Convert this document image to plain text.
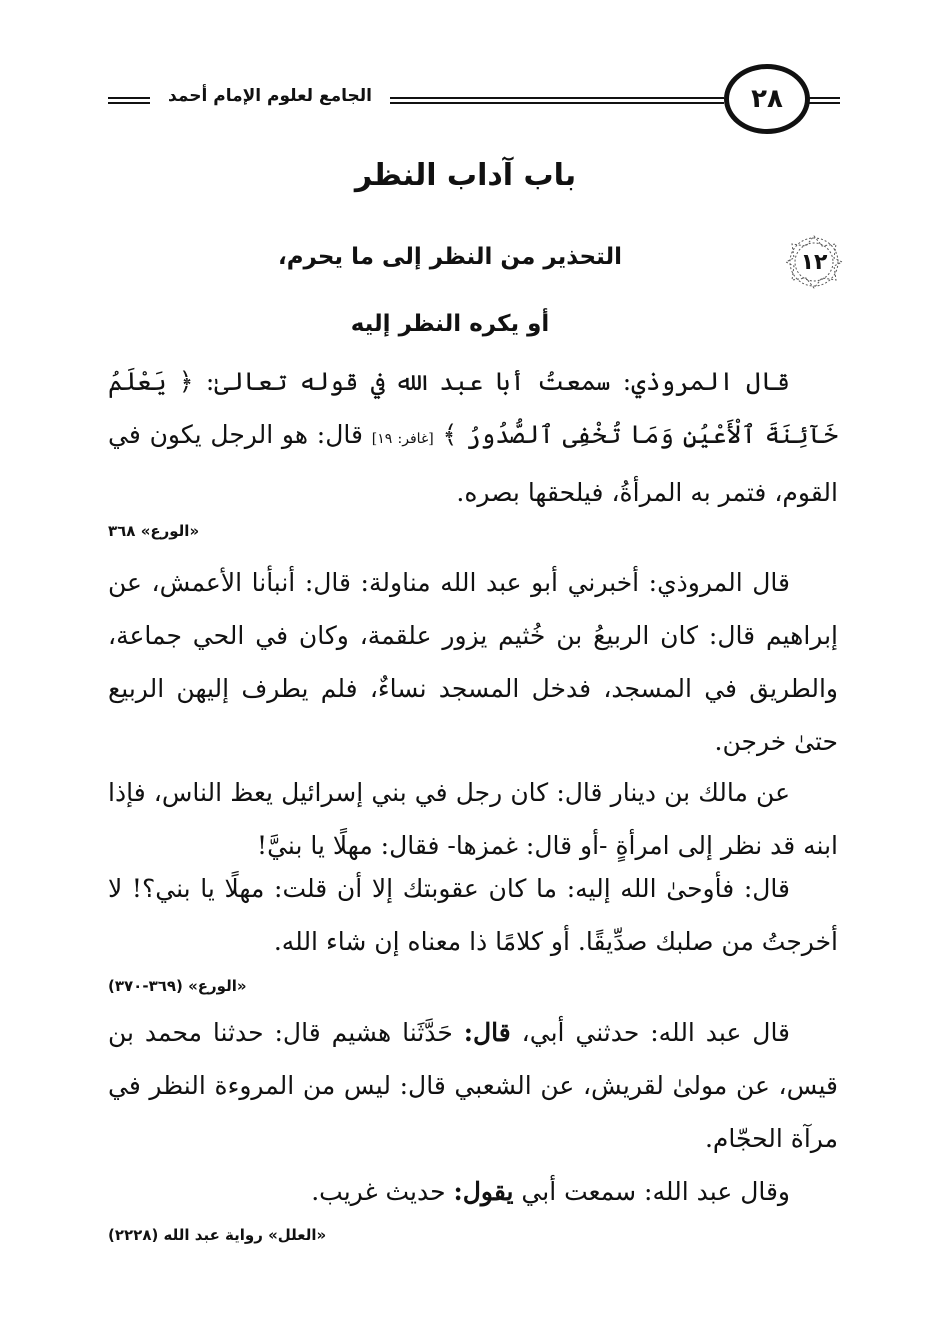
الجامع لعلوم الإمام أحمد	٢٨
باب آداب النظر
١٢
التحذير من النظر إلى ما يحرم،
أو يكره النظر إليه
قال المروذي: سمعتُ أبا عبد الله في قوله تعالىٰ: ﴿ يَعْلَمُ خَآئِنَةَ ٱلْأَعْيُنِ وَمَا تُخْفِى ٱلصُّدُورُ ﴾ [غافر: ١٩] قال: هو الرجل يكون في القوم، فتمر به المرأةُ، فيلحقها بصره.
«الورع» ٣٦٨
قال المروذي: أخبرني أبو عبد الله مناولة: قال: أنبأنا الأعمش، عن إبراهيم قال: كان الربيعُ بن خُثيم يزور علقمة، وكان في الحي جماعة، والطريق في المسجد، فدخل المسجد نساءٌ، فلم يطرف إليهن الربيع حتىٰ خرجن.
عن مالك بن دينار قال: كان رجل في بني إسرائيل يعظ الناس، فإذا ابنه قد نظر إلى امرأةٍ -أو قال: غمزها- فقال: مهلًا يا بنيَّ!
قال: فأوحىٰ الله إليه: ما كان عقوبتك إلا أن قلت: مهلًا يا بني؟! لا أخرجتُ من صلبك صدِّيقًا. أو كلامًا ذا معناه إن شاء الله.
«الورع» (٣٦٩-٣٧٠)
قال عبد الله: حدثني أبي، قال: حَدَّثَنا هشيم قال: حدثنا محمد بن قيس، عن مولىٰ لقريش، عن الشعبي قال: ليس من المروءة النظر في مرآة الحجّام.
وقال عبد الله: سمعت أبي يقول: حديث غريب.
«العلل» رواية عبد الله (٢٢٢٨)
